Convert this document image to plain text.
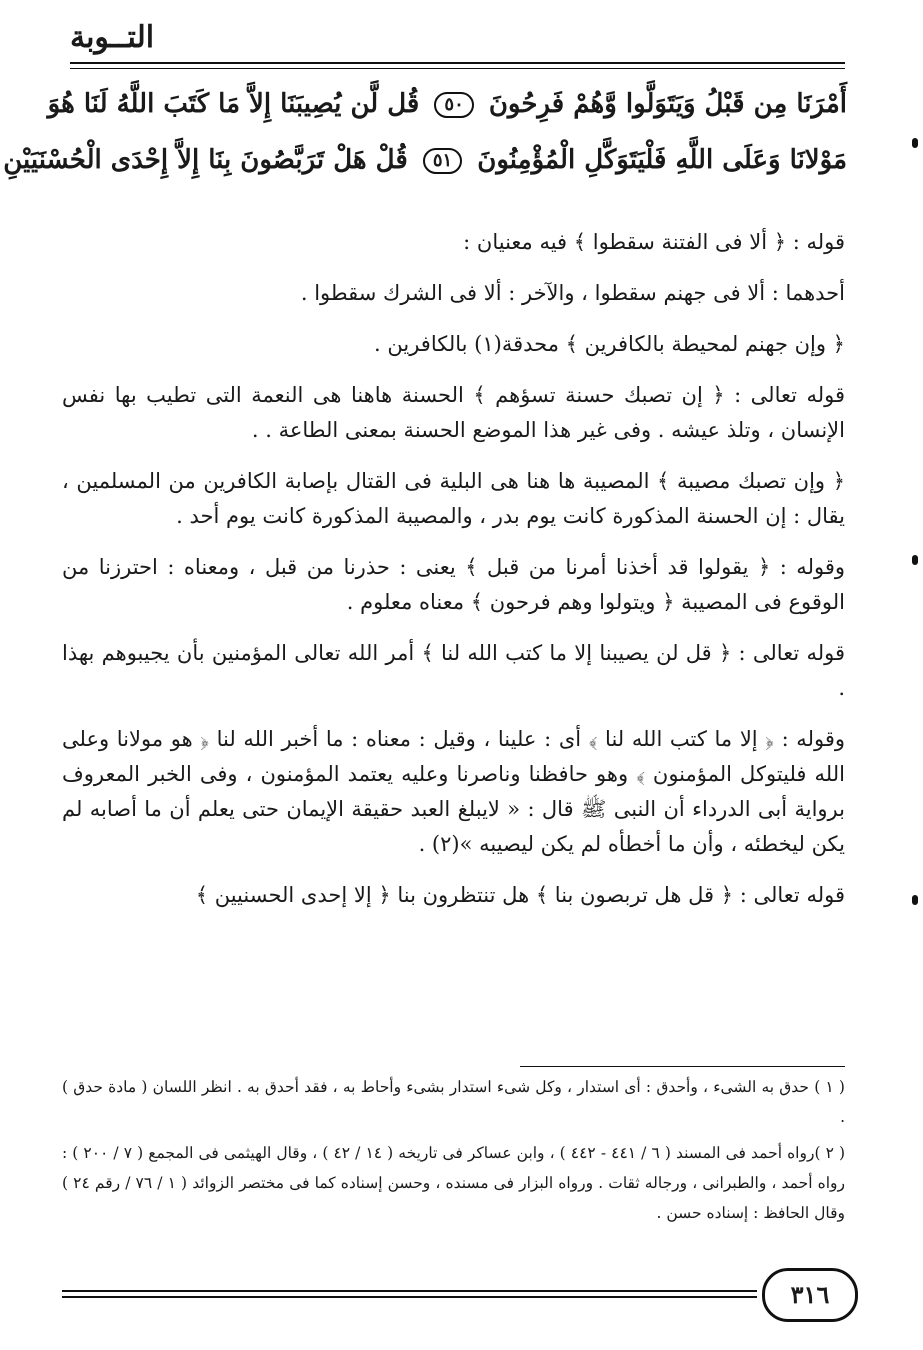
التــوبة
أَمْرَنَا مِن قَبْلُ وَيَتَوَلَّوا وَّهُمْ فَرِحُونَ ٥٠ قُل لَّن يُصِيبَنَا إِلاَّ مَا كَتَبَ اللَّهُ لَنَا هُوَ
مَوْلانَا وَعَلَى اللَّهِ فَلْيَتَوَكَّلِ الْمُؤْمِنُونَ ٥١ قُلْ هَلْ تَرَبَّصُونَ بِنَا إِلاَّ إِحْدَى الْحُسْنَيَيْنِ

قوله : ﴿ ألا فى الفتنة سقطوا ﴾ فيه معنيان :

أحدهما : ألا فى جهنم سقطوا ، والآخر : ألا فى الشرك سقطوا .

﴿ وإن جهنم لمحيطة بالكافرين ﴾ محدقة(١) بالكافرين .

قوله تعالى : ﴿ إن تصبك حسنة تسؤهم ﴾ الحسنة هاهنا هى النعمة التى تطيب بها نفس الإنسان ، وتلذ عيشه . وفى غير هذا الموضع الحسنة بمعنى الطاعة . .

﴿ وإن تصبك مصيبة ﴾ المصيبة ها هنا هى البلية فى القتال بإصابة الكافرين من المسلمين ، يقال : إن الحسنة المذكورة كانت يوم بدر ، والمصيبة المذكورة كانت يوم أحد .

وقوله : ﴿ يقولوا قد أخذنا أمرنا من قبل ﴾ يعنى : حذرنا من قبل ، ومعناه : احترزنا من الوقوع فى المصيبة ﴿ ويتولوا وهم فرحون ﴾ معناه معلوم .

قوله تعالى : ﴿ قل لن يصيبنا إلا ما كتب الله لنا ﴾ أمر الله تعالى المؤمنين بأن يجيبوهم بهذا .

وقوله : ﴿ إلا ما كتب الله لنا ﴾ أى : علينا ، وقيل : معناه : ما أخبر الله لنا ﴿ هو مولانا وعلى الله فليتوكل المؤمنون ﴾ وهو حافظنا وناصرنا وعليه يعتمد المؤمنون ، وفى الخبر المعروف برواية أبى الدرداء أن النبى ﷺ قال : « لايبلغ العبد حقيقة الإيمان حتى يعلم أن ما أصابه لم يكن ليخطئه ، وأن ما أخطأه لم يكن ليصيبه »(٢) .

قوله تعالى : ﴿ قل هل تربصون بنا ﴾ هل تنتظرون بنا ﴿ إلا إحدى الحسنيين ﴾

( ١ ) حدق به الشىء ، وأحدق : أى استدار ، وكل شىء استدار بشىء وأحاط به ، فقد أحدق به . انظر اللسان ( مادة حدق ) .

( ٢ )رواه أحمد فى المسند ( ٦ / ٤٤١ - ٤٤٢ ) ، وابن عساكر فى تاريخه ( ١٤ / ٤٢ ) ، وقال الهيثمى فى المجمع ( ٧ / ٢٠٠ ) : رواه أحمد ، والطبرانى ، ورجاله ثقات . ورواه البزار فى مسنده ، وحسن إسناده كما فى مختصر الزوائد ( ١ / ٧٦ / رقم ٢٤ ) وقال الحافظ : إسناده حسن .

٣١٦
